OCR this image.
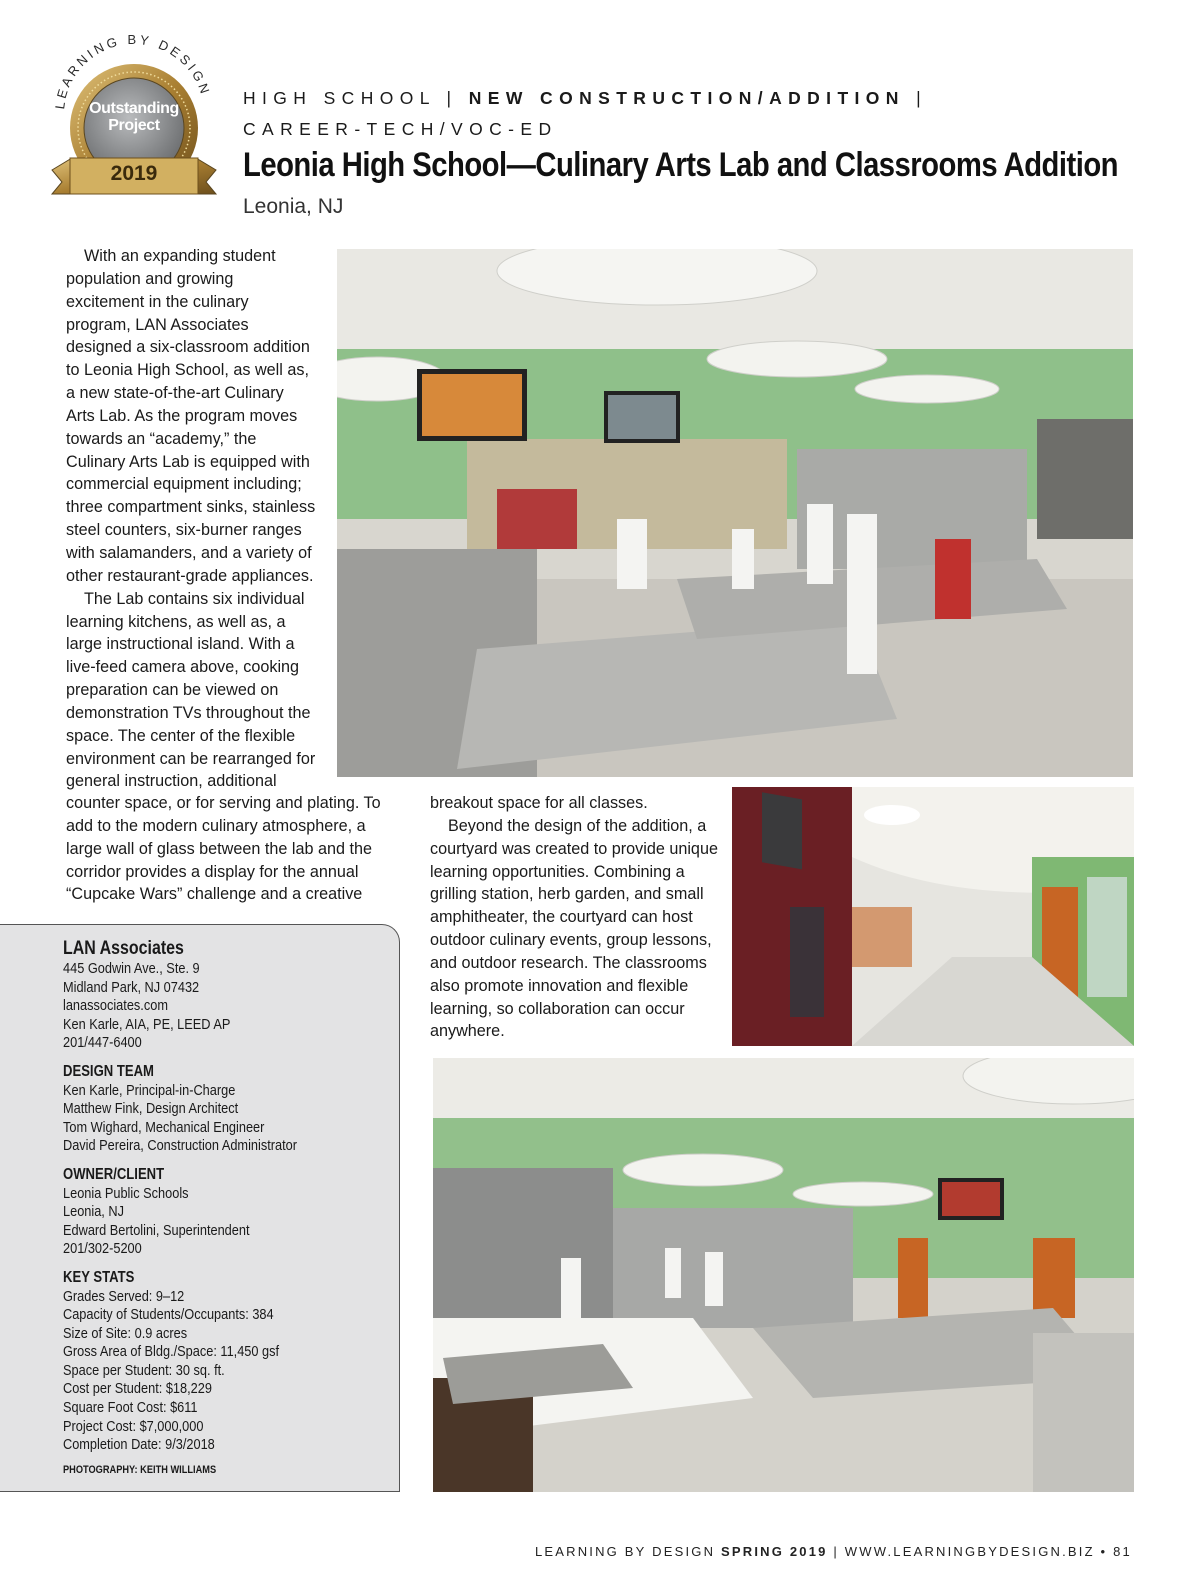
LEARNING BY DESIGN
Outstanding
Project
2019
HIGH SCHOOL | NEW CONSTRUCTION/ADDITION |
CAREER-TECH/VOC-ED
Leonia High School—Culinary Arts Lab and Classrooms Addition
Leonia, NJ

With an expanding student population and growing excitement in the culinary program, LAN Associates designed a six-classroom addition to Leonia High School, as well as, a new state-of-the-art Culinary Arts Lab. As the program moves towards an “academy,” the Culinary Arts Lab is equipped with commercial equipment including; three compartment sinks, stainless steel counters, six-burner ranges with salamanders, and a variety of other restaurant-grade appliances.

The Lab contains six individual learning kitchens, as well as, a large instructional island. With a live-feed camera above, cooking preparation can be viewed on demonstration TVs throughout the space. The center of the flexible environment can be rearranged for general instruction, additional

counter space, or for serving and plating. To add to the modern culinary atmosphere, a large wall of glass between the lab and the corridor provides a display for the annual “Cupcake Wars” challenge and a creative

breakout space for all classes.

Beyond the design of the addition, a courtyard was created to provide unique learning opportunities. Combining a grilling station, herb garden, and small amphitheater, the courtyard can host outdoor culinary events, group lessons, and outdoor research. The classrooms also promote innovation and flexible learning, so collaboration can occur anywhere.

LAN Associates
445 Godwin Ave., Ste. 9
Midland Park, NJ 07432
lanassociates.com
Ken Karle, AIA, PE, LEED AP
201/447-6400
DESIGN TEAM
Ken Karle, Principal-in-Charge
Matthew Fink, Design Architect
Tom Wighard, Mechanical Engineer
David Pereira, Construction Administrator
OWNER/CLIENT
Leonia Public Schools
Leonia, NJ
Edward Bertolini, Superintendent
201/302-5200
KEY STATS
Grades Served: 9–12
Capacity of Students/Occupants: 384
Size of Site: 0.9 acres
Gross Area of Bldg./Space: 11,450 gsf
Space per Student: 30 sq. ft.
Cost per Student: $18,229
Square Foot Cost: $611
Project Cost: $7,000,000
Completion Date: 9/3/2018
PHOTOGRAPHY: KEITH WILLIAMS
LEARNING BY DESIGN SPRING 2019 | WWW.LEARNINGBYDESIGN.BIZ • 81
